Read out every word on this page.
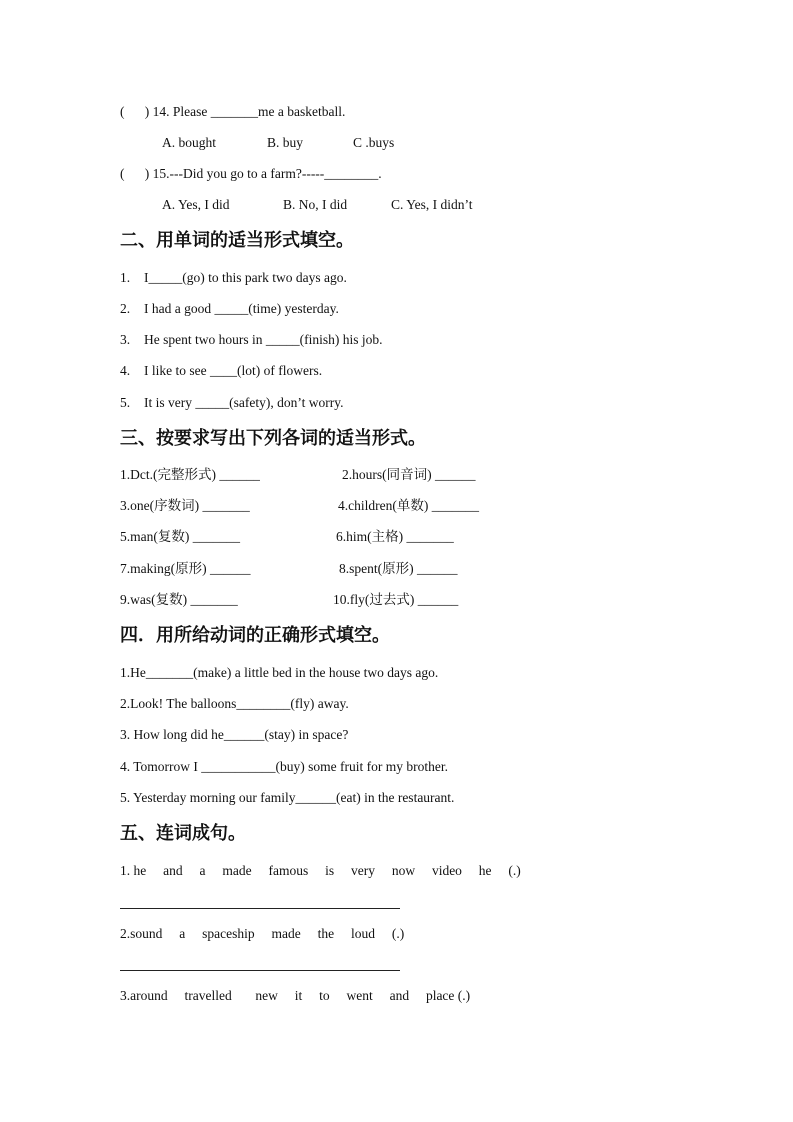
(      ) 14. Please _______me a basketball.
A. bought	B. buy	C .buys
(      ) 15.---Did you go to a farm?-----________.
A. Yes, I did	B. No, I did	C. Yes, I didn’t
二、用单词的适当形式填空。
1. I_____(go) to this park two days ago.
2. I had a good _____(time) yesterday.
3. He spent two hours in _____(finish) his job.
4. I like to see ____(lot) of flowers.
5. It is very _____(safety), don’t worry.
三、按要求写出下列各词的适当形式。
1.Dct.(完整形式) ______	2.hours(同音词) ______
3.one(序数词) _______	4.children(单数) _______
5.man(复数) _______	6.him(主格) _______
7.making(原形) ______	8.spent(原形) ______
9.was(复数) _______	10.fly(过去式) ______
四．用所给动词的正确形式填空。
1.He_______(make) a little bed in the house two days ago.
2.Look! The balloons________(fly) away.
3. How long did he______(stay) in space?
4. Tomorrow I ___________(buy) some fruit for my brother.
5. Yesterday morning our family______(eat) in the restaurant.
五、连词成句。
1. he     and     a     made     famous     is     very     now     video     he     (.)
2.sound     a     spaceship     made     the     loud     (.)
3.around     travelled       new     it     to     went     and     place (.)
